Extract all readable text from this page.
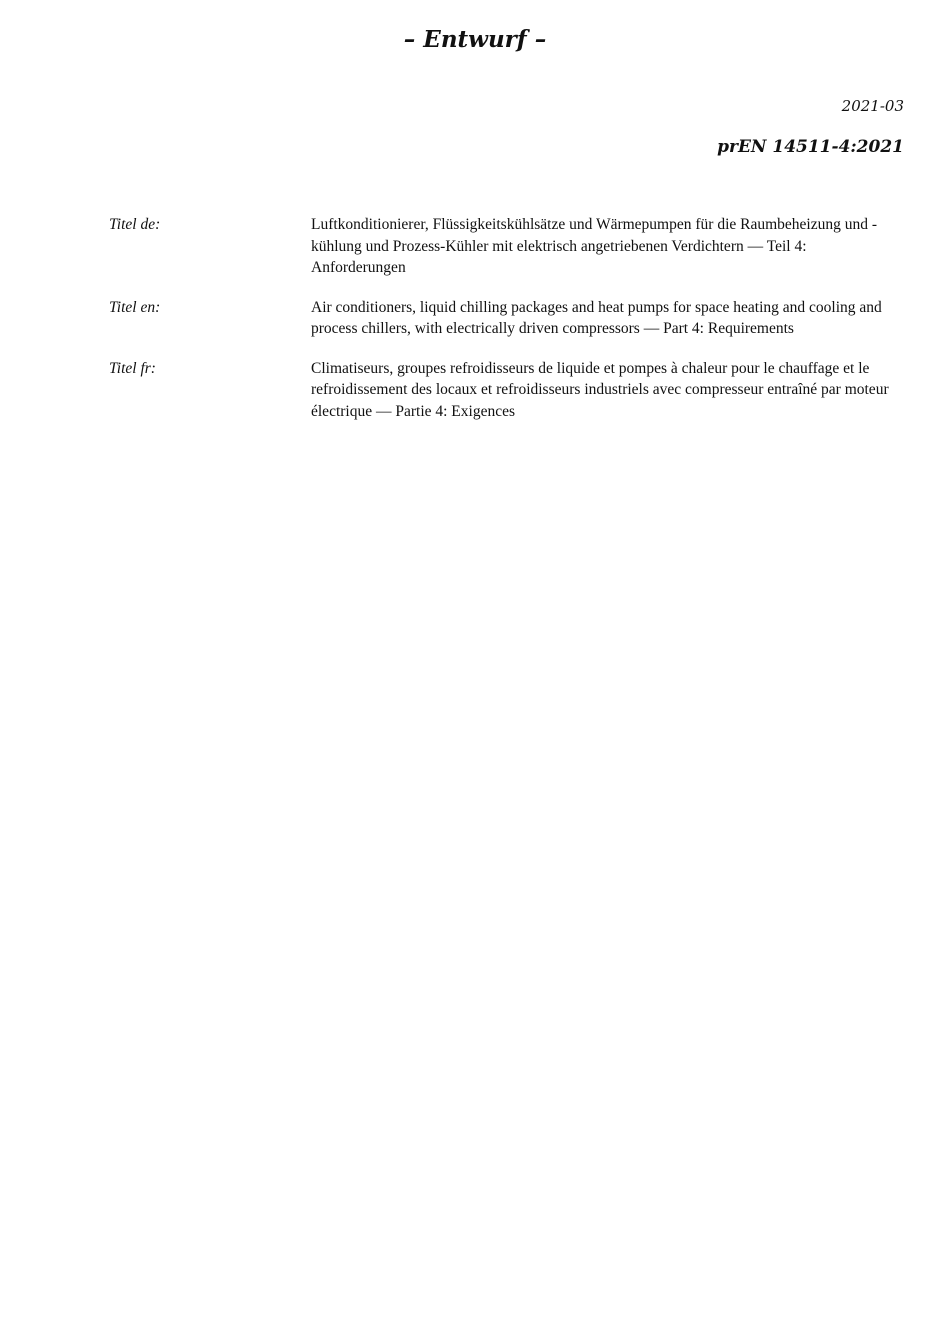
– Entwurf –
2021-03
prEN 14511-4:2021
Titel de:	Luftkonditionierer, Flüssigkeitskühlsätze und Wärmepumpen für die Raumbeheizung und -kühlung und Prozess-Kühler mit elektrisch angetriebenen Verdichtern — Teil 4: Anforderungen
Titel en:	Air conditioners, liquid chilling packages and heat pumps for space heating and cooling and process chillers, with electrically driven compressors — Part 4: Requirements
Titel fr:	Climatiseurs, groupes refroidisseurs de liquide et pompes à chaleur pour le chauffage et le refroidissement des locaux et refroidisseurs industriels avec compresseur entraîné par moteur électrique — Partie 4: Exigences
